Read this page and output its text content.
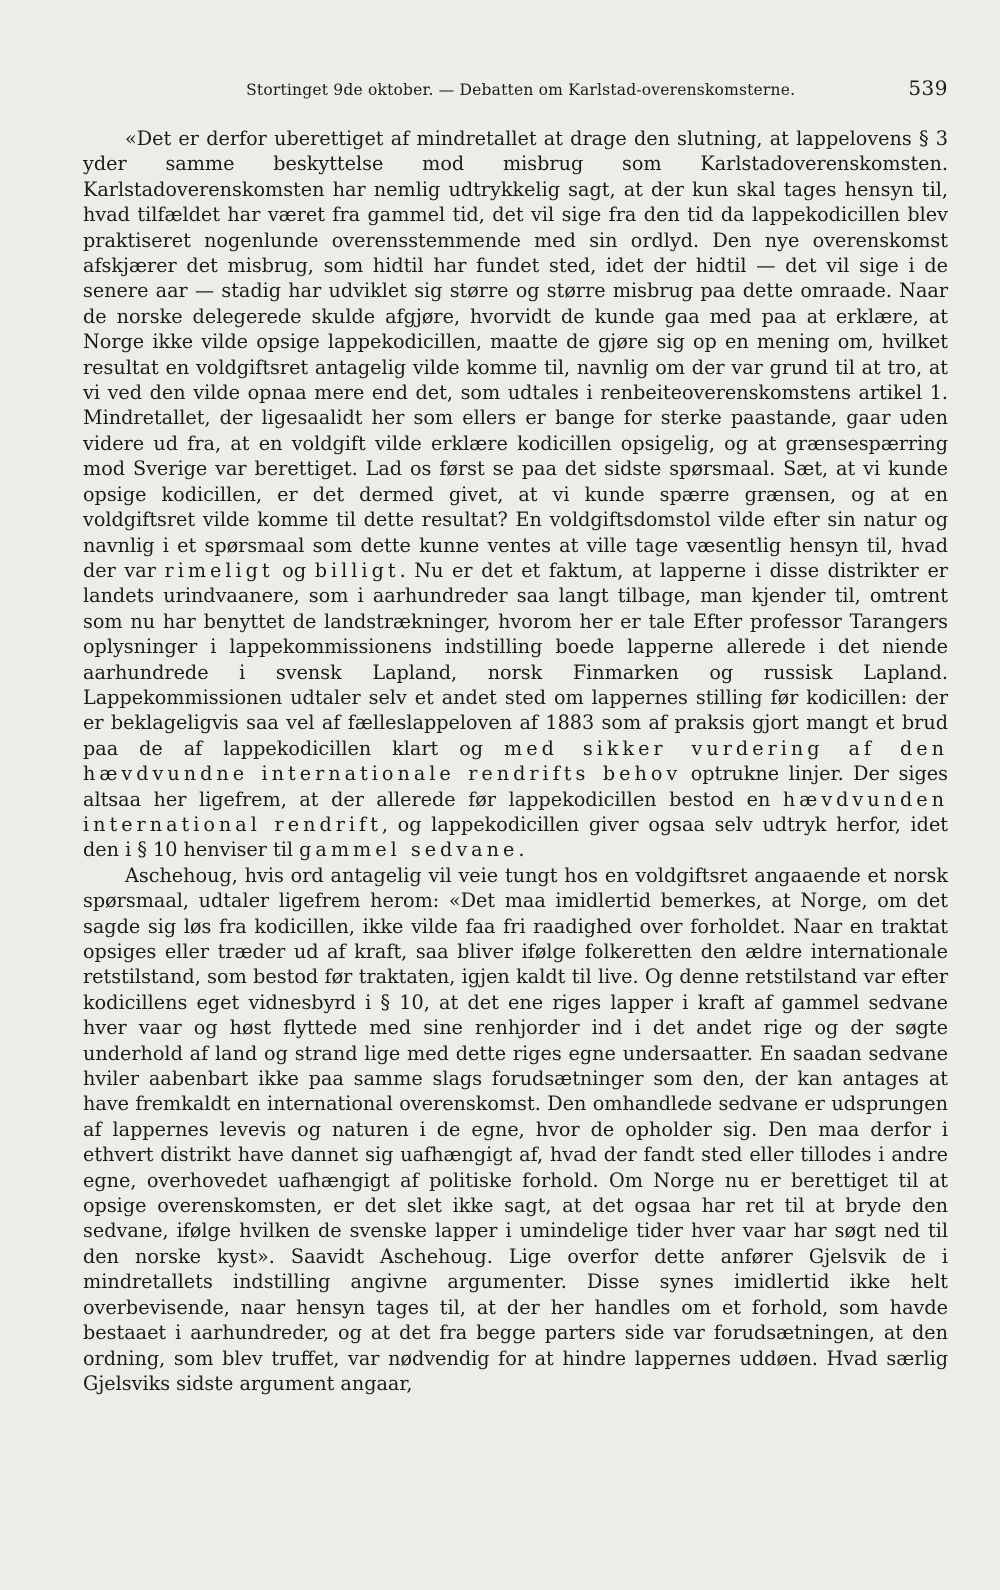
Stortinget 9de oktober. — Debatten om Karlstad-overenskomsterne.	539

«Det er derfor uberettiget af mindretallet at drage den slutning, at lappelovens § 3 yder samme beskyttelse mod misbrug som Karlstadoverenskomsten. Karlstadoverenskomsten har nemlig udtrykkelig sagt, at der kun skal tages hensyn til, hvad tilfældet har været fra gammel tid, det vil sige fra den tid da lappekodicillen blev praktiseret nogenlunde overensstemmende med sin ordlyd. Den nye overenskomst afskjærer det misbrug, som hidtil har fundet sted, idet der hidtil — det vil sige i de senere aar — stadig har udviklet sig større og større misbrug paa dette omraade. Naar de norske delegerede skulde afgjøre, hvorvidt de kunde gaa med paa at erklære, at Norge ikke vilde opsige lappekodicillen, maatte de gjøre sig op en mening om, hvilket resultat en voldgiftsret antagelig vilde komme til, navnlig om der var grund til at tro, at vi ved den vilde opnaa mere end det, som udtales i renbeiteoverenskomstens artikel 1. Mindretallet, der ligesaalidt her som ellers er bange for sterke paastande, gaar uden videre ud fra, at en voldgift vilde erklære kodicillen opsigelig, og at grænsespærring mod Sverige var berettiget. Lad os først se paa det sidste spørsmaal. Sæt, at vi kunde opsige kodicillen, er det dermed givet, at vi kunde spærre grænsen, og at en voldgiftsret vilde komme til dette resultat? En voldgiftsdomstol vilde efter sin natur og navnlig i et spørsmaal som dette kunne ventes at ville tage væsentlig hensyn til, hvad der var rimeligt og billigt. Nu er det et faktum, at lapperne i disse distrikter er landets urindvaanere, som i aarhundreder saa langt tilbage, man kjender til, omtrent som nu har benyttet de landstrækninger, hvorom her er tale Efter professor Tarangers oplysninger i lappekommissionens indstilling boede lapperne allerede i det niende aarhundrede i svensk Lapland, norsk Finmarken og russisk Lapland. Lappekommissionen udtaler selv et andet sted om lappernes stilling før kodicillen: der er beklageligvis saa vel af fælleslappeloven af 1883 som af praksis gjort mangt et brud paa de af lappekodicillen klart og med sikker vurdering af den hævdvundne internationale rendrifts behov optrukne linjer. Der siges altsaa her ligefrem, at der allerede før lappekodicillen bestod en hævdvunden international rendrift, og lappekodicillen giver ogsaa selv udtryk herfor, idet den i § 10 henviser til gammel sedvane.

Aschehoug, hvis ord antagelig vil veie tungt hos en voldgiftsret angaaende et norsk spørsmaal, udtaler ligefrem herom: «Det maa imidlertid bemerkes, at Norge, om det sagde sig løs fra kodicillen, ikke vilde faa fri raadighed over forholdet. Naar en traktat opsiges eller træder ud af kraft, saa bliver ifølge folkeretten den ældre internationale retstilstand, som bestod før traktaten, igjen kaldt til live. Og denne retstilstand var efter kodicillens eget vidnesbyrd i § 10, at det ene riges lapper i kraft af gammel sedvane hver vaar og høst flyttede med sine renhjorder ind i det andet rige og der søgte underhold af land og strand lige med dette riges egne undersaatter. En saadan sedvane hviler aabenbart ikke paa samme slags forudsætninger som den, der kan antages at have fremkaldt en international overenskomst. Den omhandlede sedvane er udsprungen af lappernes levevis og naturen i de egne, hvor de opholder sig. Den maa derfor i ethvert distrikt have dannet sig uafhængigt af, hvad der fandt sted eller tillodes i andre egne, overhovedet uafhængigt af politiske forhold. Om Norge nu er berettiget til at opsige overenskomsten, er det slet ikke sagt, at det ogsaa har ret til at bryde den sedvane, ifølge hvilken de svenske lapper i umindelige tider hver vaar har søgt ned til den norske kyst». Saavidt Aschehoug. Lige overfor dette anfører Gjelsvik de i mindretallets indstilling angivne argumenter. Disse synes imidlertid ikke helt overbevisende, naar hensyn tages til, at der her handles om et forhold, som havde bestaaet i aarhundreder, og at det fra begge parters side var forudsætningen, at den ordning, som blev truffet, var nødvendig for at hindre lappernes uddøen. Hvad særlig Gjelsviks sidste argument angaar,
